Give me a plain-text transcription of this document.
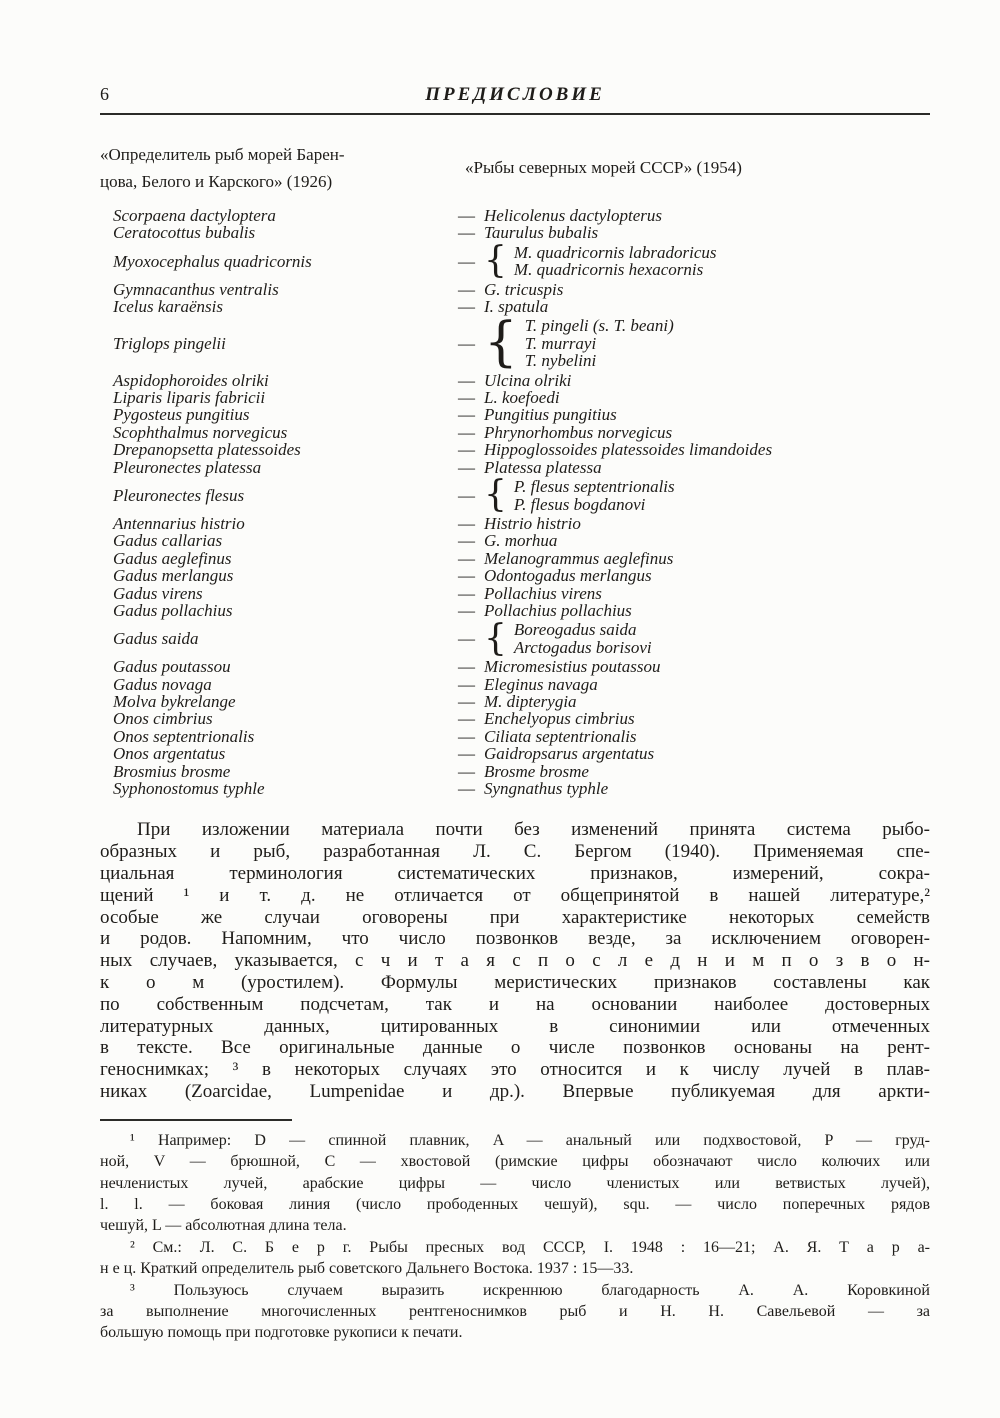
6	ПРЕДИСЛОВИЕ
«Определитель рыб морей Барен-
цова, Белого и Карского» (1926)
«Рыбы северных морей СССР» (1954)
Scorpaena dactyloptera	— Helicolenus dactylopterus
Ceratocottus bubalis	— Taurulus bubalis
Myoxocephalus quadricornis	— { M. quadricornis labradoricus
M. quadricornis hexacornis
Gymnacanthus ventralis	— G. tricuspis
Icelus karaënsis	— I. spatula
Triglops pingelii	— { T. pingeli (s. T. beani)
T. murrayi
T. nybelini
Aspidophoroides olriki	— Ulcina olriki
Liparis liparis fabricii	— L. koefoedi
Pygosteus pungitius	— Pungitius pungitius
Scophthalmus norvegicus	— Phrynorhombus norvegicus
Drepanopsetta platessoides	— Hippoglossoides platessoides limandoides
Pleuronectes platessa	— Platessa platessa
Pleuronectes flesus	— { P. flesus septentrionalis
P. flesus bogdanovi
Antennarius histrio	— Histrio histrio
Gadus callarias	— G. morhua
Gadus aeglefinus	— Melanogrammus aeglefinus
Gadus merlangus	— Odontogadus merlangus
Gadus virens	— Pollachius virens
Gadus pollachius	— Pollachius pollachius
Gadus saida	— { Boreogadus saida
Arctogadus borisovi
Gadus poutassou	— Micromesistius poutassou
Gadus novaga	— Eleginus navaga
Molva bykrelange	— M. dipterygia
Onos cimbrius	— Enchelyopus cimbrius
Onos septentrionalis	— Ciliata septentrionalis
Onos argentatus	— Gaidropsarus argentatus
Brosmius brosme	— Brosme brosme
Syphonostomus typhle	— Syngnathus typhle
При изложении материала почти без изменений принята система рыбо-
образных и рыб, разработанная Л. С. Бергом (1940). Применяемая спе-
циальная терминология систематических признаков, измерений, сокра-
щений ¹ и т. д. не отличается от общепринятой в нашей литературе,²
особые же случаи оговорены при характеристике некоторых семейств
и родов. Напомним, что число позвонков везде, за исключением оговорен-
ных случаев, указывается, с ч и т а я с п о с л е д н и м п о з в о н-
к о м (уростилем). Формулы меристических признаков составлены как
по собственным подсчетам, так и на основании наиболее достоверных
литературных данных, цитированных в синонимии или отмеченных
в тексте. Все оригинальные данные о числе позвонков основаны на рент-
геноснимках; ³ в некоторых случаях это относится и к числу лучей в плав-
никах (Zoarcidae, Lumpenidae и др.). Впервые публикуемая для аркти-
¹ Например: D — спинной плавник, A — анальный или подхвостовой, P — груд-
ной, V — брюшной, C — хвостовой (римские цифры обозначают число колючих или
нечленистых лучей, арабские цифры — число членистых или ветвистых лучей),
l. l. — боковая линия (число прободенных чешуй), squ. — число поперечных рядов
чешуй, L — абсолютная длина тела.
² См.: Л. С. Б е р г. Рыбы пресных вод СССР, I. 1948 : 16—21; А. Я. Т а р а-
н е ц. Краткий определитель рыб советского Дальнего Востока. 1937 : 15—33.
³ Пользуюсь случаем выразить искреннюю благодарность А. А. Коровкиной
за выполнение многочисленных рентгеноснимков рыб и Н. Н. Савельевой — за
большую помощь при подготовке рукописи к печати.
